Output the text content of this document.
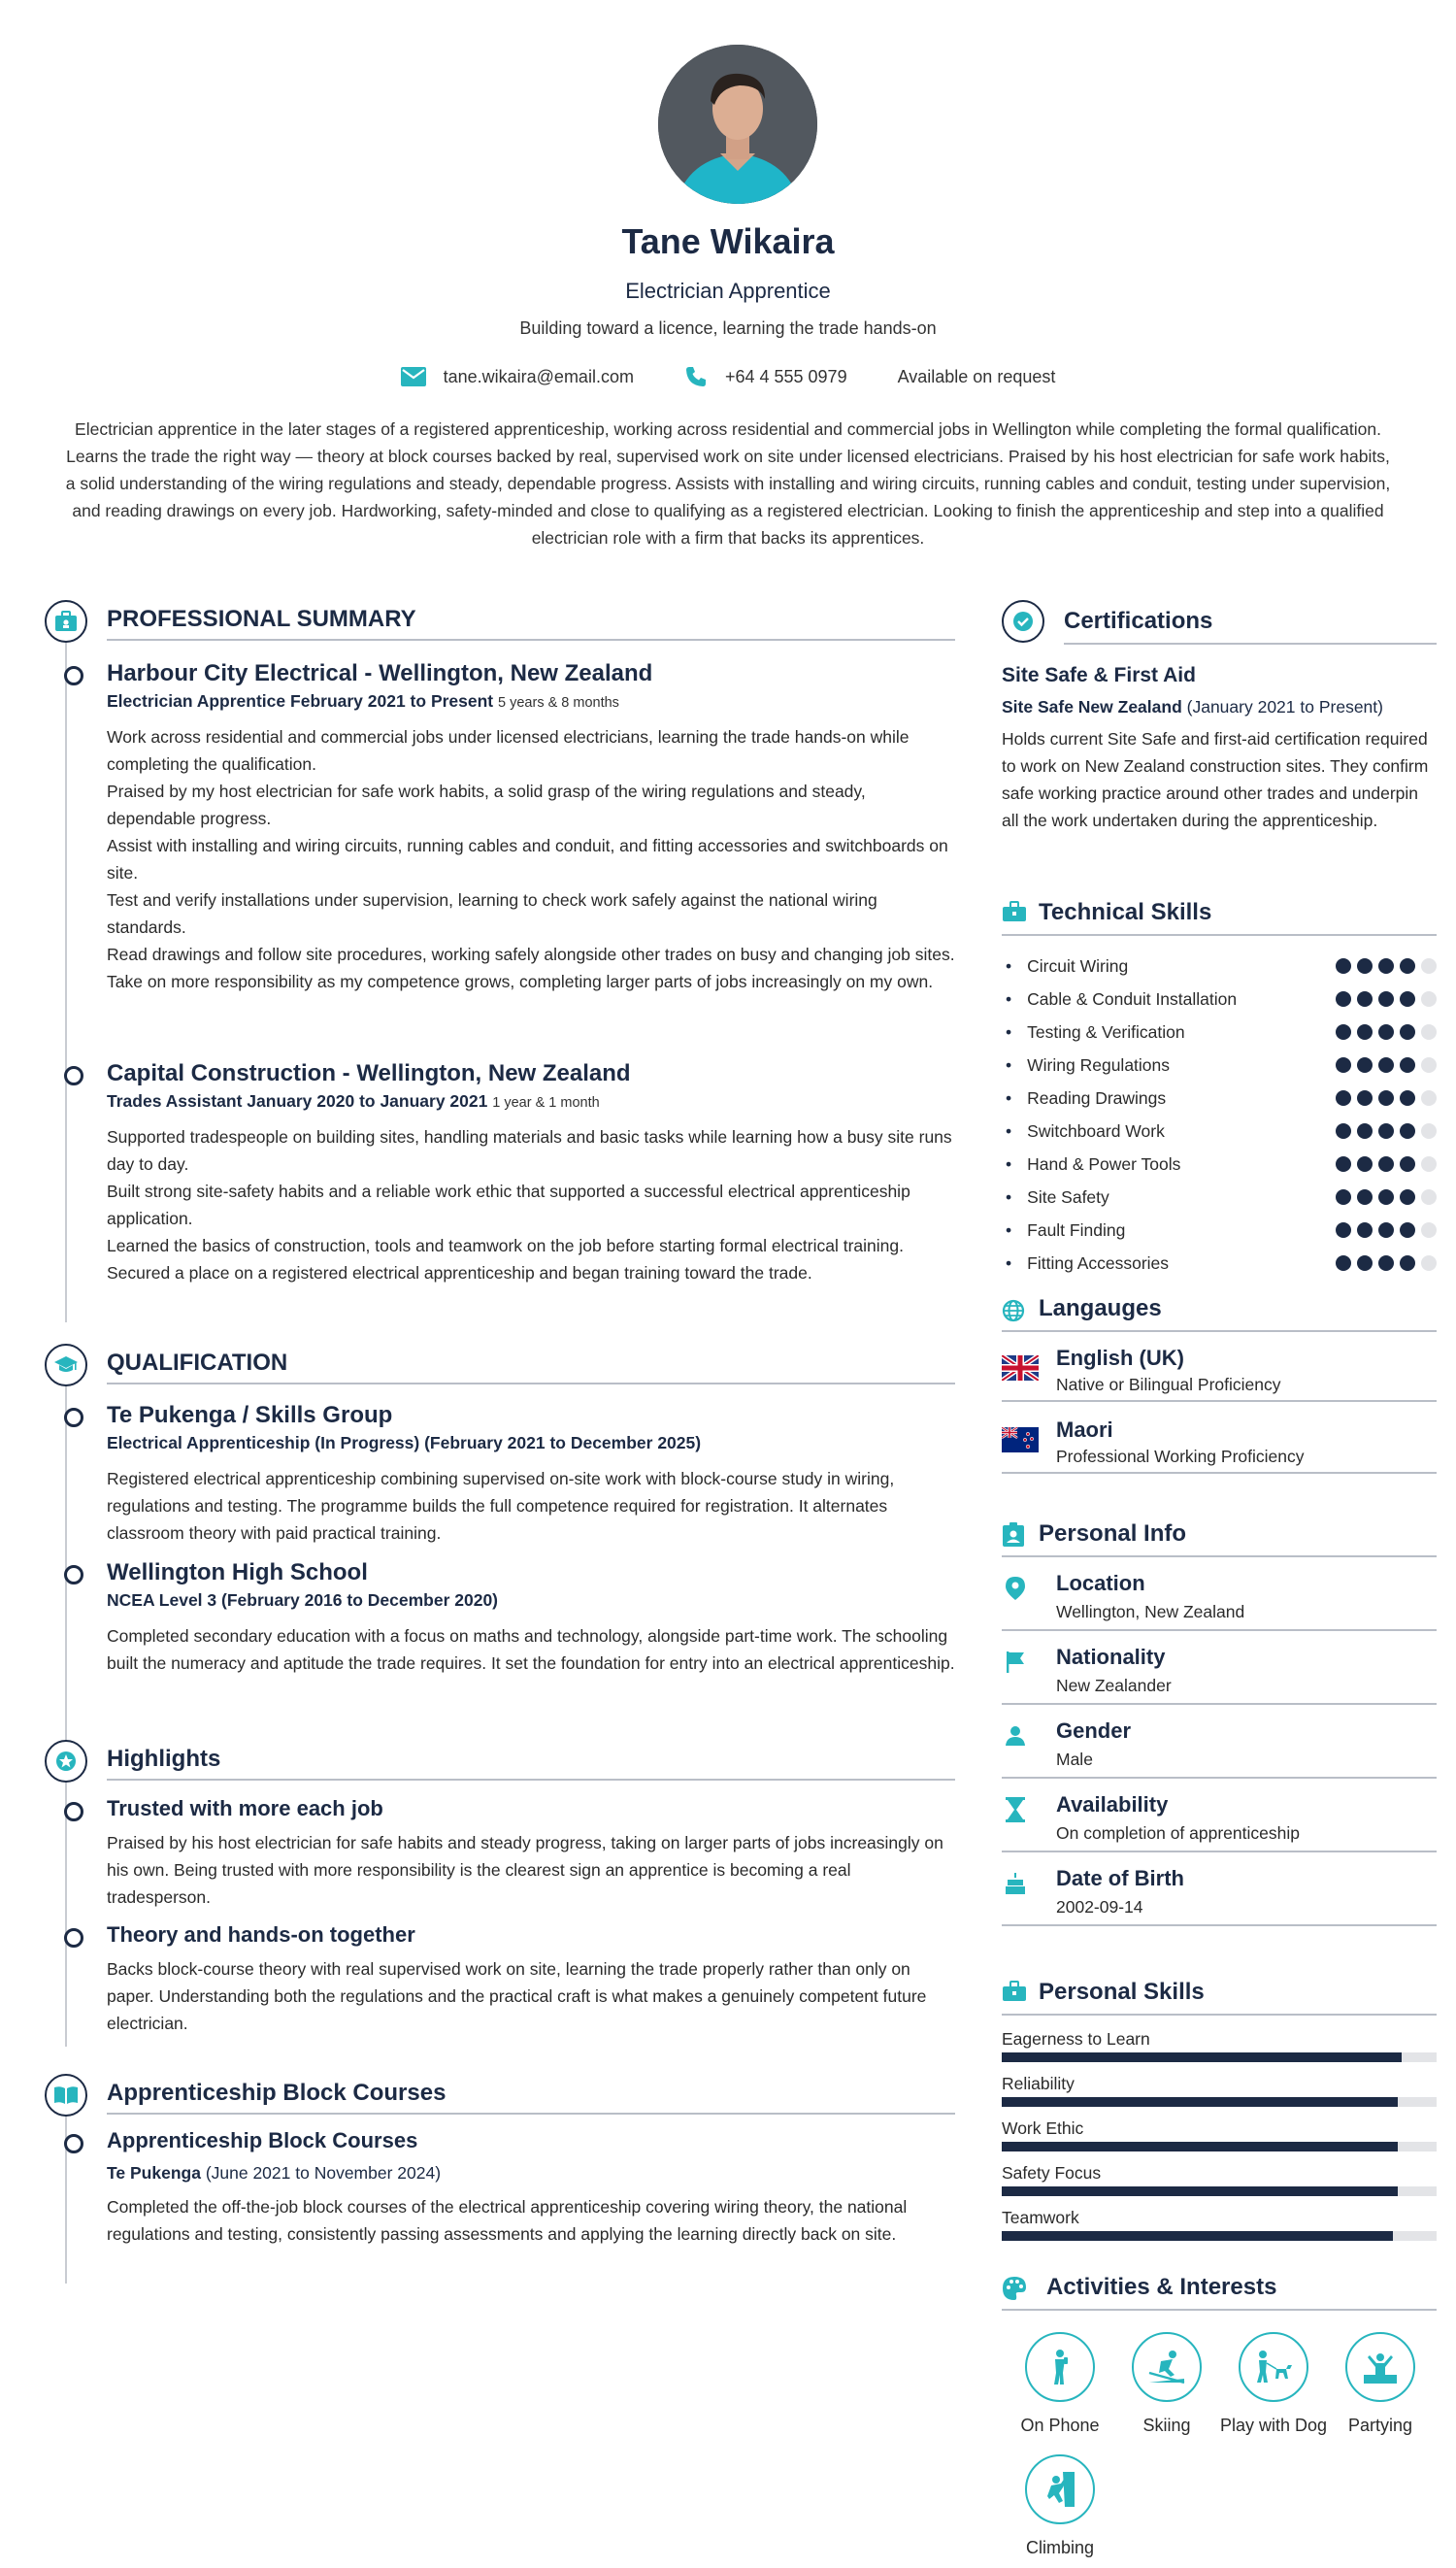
Tane Wikaira
Electrician Apprentice
Building toward a licence, learning the trade hands-on
tane.wikaira@email.com	+64 4 555 0979	Available on request
Electrician apprentice in the later stages of a registered apprenticeship, working across residential and commercial jobs in Wellington while completing the formal qualification. Learns the trade the right way — theory at block courses backed by real, supervised work on site under licensed electricians. Praised by his host electrician for safe work habits, a solid understanding of the wiring regulations and steady, dependable progress. Assists with installing and wiring circuits, running cables and conduit, testing under supervision, and reading drawings on every job. Hardworking, safety-minded and close to qualifying as a registered electrician. Looking to finish the apprenticeship and step into a qualified electrician role with a firm that backs its apprentices.
PROFESSIONAL SUMMARY
Harbour City Electrical - Wellington, New Zealand
Electrician Apprentice February 2021 to Present 5 years & 8 months

Work across residential and commercial jobs under licensed electricians, learning the trade hands-on while completing the qualification.

Praised by my host electrician for safe work habits, a solid grasp of the wiring regulations and steady, dependable progress.

Assist with installing and wiring circuits, running cables and conduit, and fitting accessories and switchboards on site.

Test and verify installations under supervision, learning to check work safely against the national wiring standards.

Read drawings and follow site procedures, working safely alongside other trades on busy and changing job sites.

Take on more responsibility as my competence grows, completing larger parts of jobs increasingly on my own.

Capital Construction - Wellington, New Zealand
Trades Assistant January 2020 to January 2021 1 year & 1 month

Supported tradespeople on building sites, handling materials and basic tasks while learning how a busy site runs day to day.

Built strong site-safety habits and a reliable work ethic that supported a successful electrical apprenticeship application.

Learned the basics of construction, tools and teamwork on the job before starting formal electrical training.

Secured a place on a registered electrical apprenticeship and began training toward the trade.

QUALIFICATION
Te Pukenga / Skills Group
Electrical Apprenticeship (In Progress) (February 2021 to December 2025)
Registered electrical apprenticeship combining supervised on-site work with block-course study in wiring, regulations and testing. The programme builds the full competence required for registration. It alternates classroom theory with paid practical training.
Wellington High School
NCEA Level 3 (February 2016 to December 2020)
Completed secondary education with a focus on maths and technology, alongside part-time work. The schooling built the numeracy and aptitude the trade requires. It set the foundation for entry into an electrical apprenticeship.
Highlights
Trusted with more each job
Praised by his host electrician for safe habits and steady progress, taking on larger parts of jobs increasingly on his own. Being trusted with more responsibility is the clearest sign an apprentice is becoming a real tradesperson.
Theory and hands-on together
Backs block-course theory with real supervised work on site, learning the trade properly rather than only on paper. Understanding both the regulations and the practical craft is what makes a genuinely competent future electrician.
Apprenticeship Block Courses
Apprenticeship Block Courses
Te Pukenga (June 2021 to November 2024)
Completed the off-the-job block courses of the electrical apprenticeship covering wiring theory, the national regulations and testing, consistently passing assessments and applying the learning directly back on site.
Certifications
Site Safe & First Aid
Site Safe New Zealand (January 2021 to Present)
Holds current Site Safe and first-aid certification required to work on New Zealand construction sites. They confirm safe working practice around other trades and underpin all the work undertaken during the apprenticeship.
Technical Skills
• Circuit Wiring
• Cable & Conduit Installation
• Testing & Verification
• Wiring Regulations
• Reading Drawings
• Switchboard Work
• Hand & Power Tools
• Site Safety
• Fault Finding
• Fitting Accessories
Langauges
English (UK)
Native or Bilingual Proficiency
Maori
Professional Working Proficiency
Personal Info
Location
Wellington, New Zealand
Nationality
New Zealander
Gender
Male
Availability
On completion of apprenticeship
Date of Birth
2002-09-14
Personal Skills
Eagerness to Learn
Reliability
Work Ethic
Safety Focus
Teamwork
Activities & Interests
On Phone	Skiing	Play with Dog	Partying
Climbing
